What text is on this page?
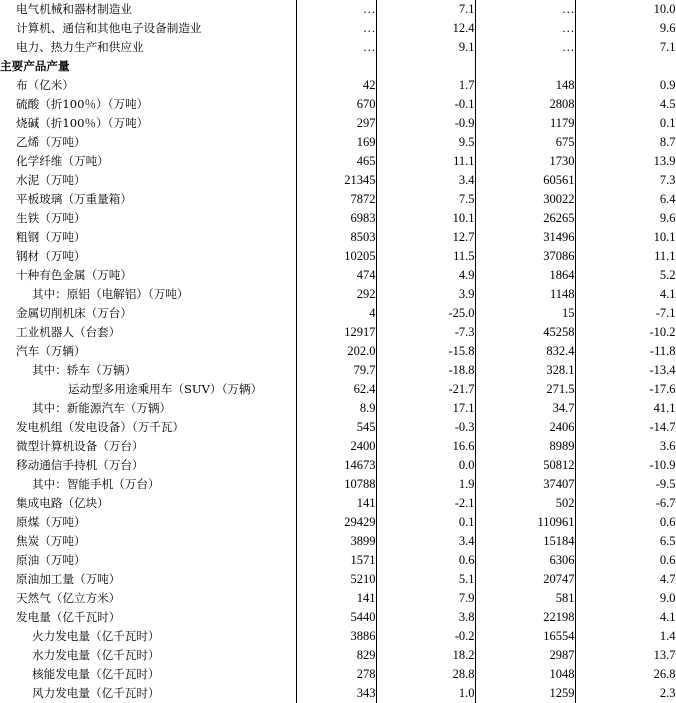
电气机械和器材制造业	…	7.1	…	10.0
计算机、通信和其他电子设备制造业	…	12.4	…	9.6
电力、热力生产和供应业	…	9.1	…	7.1
主要产品产量				
布（亿米）	42	1.7	148	0.9
硫酸（折100％）（万吨）	670	-0.1	2808	4.5
烧碱（折100％）（万吨）	297	-0.9	1179	0.1
乙烯（万吨）	169	9.5	675	8.7
化学纤维（万吨）	465	11.1	1730	13.9
水泥（万吨）	21345	3.4	60561	7.3
平板玻璃（万重量箱）	7872	7.5	30022	6.4
生铁（万吨）	6983	10.1	26265	9.6
粗钢（万吨）	8503	12.7	31496	10.1
钢材（万吨）	10205	11.5	37086	11.1
十种有色金属（万吨）	474	4.9	1864	5.2
其中：原铝（电解铝）（万吨）	292	3.9	1148	4.1
金属切削机床（万台）	4	-25.0	15	-7.1
工业机器人（台套）	12917	-7.3	45258	-10.2
汽车（万辆）	202.0	-15.8	832.4	-11.8
其中：轿车（万辆）	79.7	-18.8	328.1	-13.4
运动型多用途乘用车（SUV）（万辆）	62.4	-21.7	271.5	-17.6
其中：新能源汽车（万辆）	8.9	17.1	34.7	41.1
发电机组（发电设备）（万千瓦）	545	-0.3	2406	-14.7
微型计算机设备（万台）	2400	16.6	8989	3.6
移动通信手持机（万台）	14673	0.0	50812	-10.9
其中：智能手机（万台）	10788	1.9	37407	-9.5
集成电路（亿块）	141	-2.1	502	-6.7
原煤（万吨）	29429	0.1	110961	0.6
焦炭（万吨）	3899	3.4	15184	6.5
原油（万吨）	1571	0.6	6306	0.6
原油加工量（万吨）	5210	5.1	20747	4.7
天然气（亿立方米）	141	7.9	581	9.0
发电量（亿千瓦时）	5440	3.8	22198	4.1
火力发电量（亿千瓦时）	3886	-0.2	16554	1.4
水力发电量（亿千瓦时）	829	18.2	2987	13.7
核能发电量（亿千瓦时）	278	28.8	1048	26.8
风力发电量（亿千瓦时）	343	1.0	1259	2.3
